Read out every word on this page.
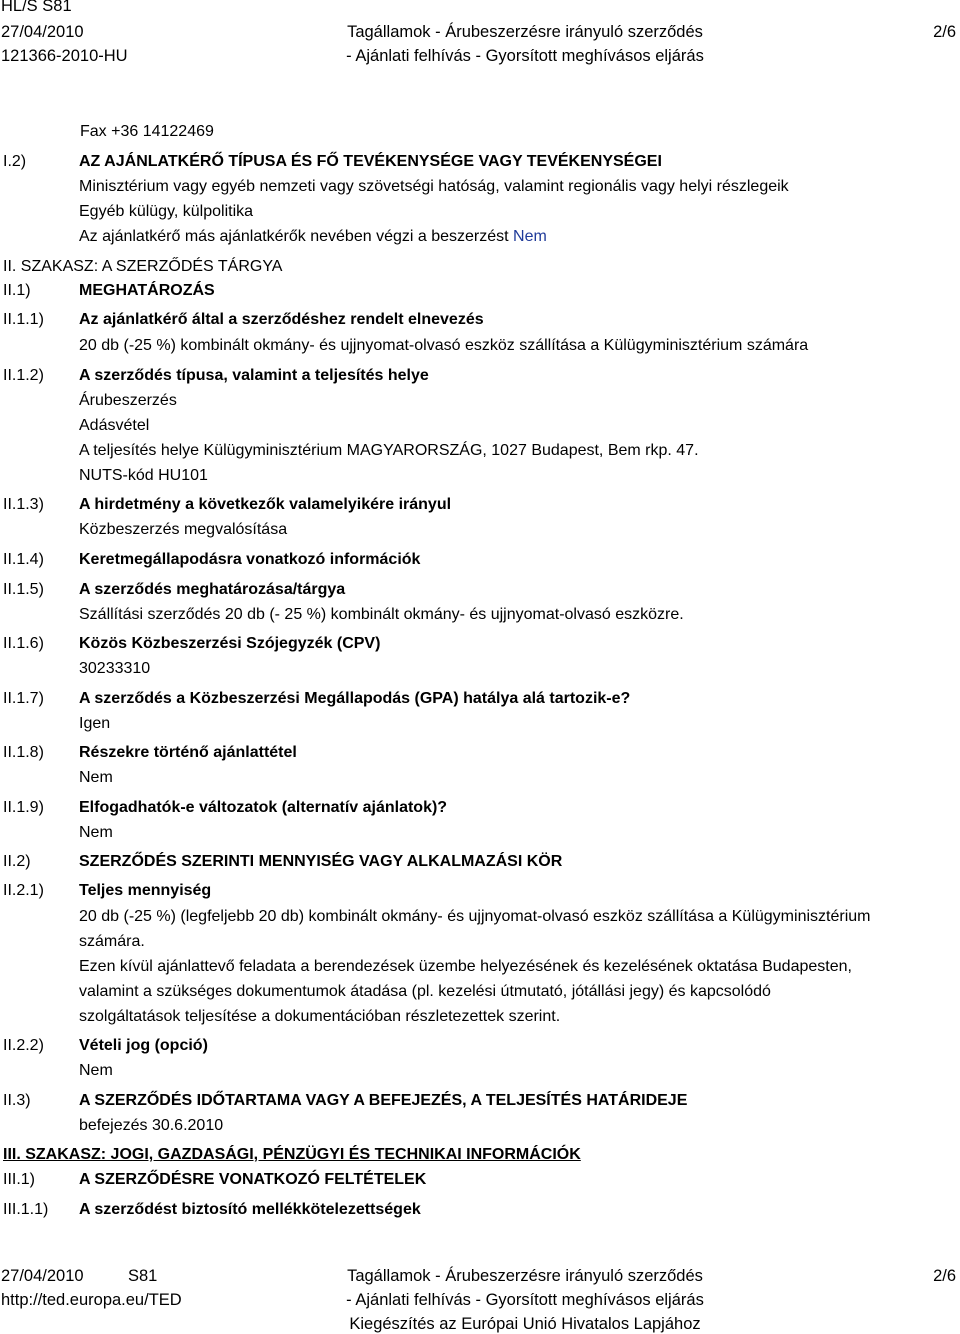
HL/S S81
27/04/2010
121366-2010-HU
Tagállamok - Árubeszerzésre irányuló szerződés
- Ajánlati felhívás - Gyorsított meghívásos eljárás
2/6
Fax +36 14122469
I.2)	AZ AJÁNLATKÉRŐ TÍPUSA ÉS FŐ TEVÉKENYSÉGE VAGY TEVÉKENYSÉGEI
Minisztérium vagy egyéb nemzeti vagy szövetségi hatóság, valamint regionális vagy helyi részlegeik
Egyéb külügy, külpolitika
Az ajánlatkérő más ajánlatkérők nevében végzi a beszerzést Nem
II. SZAKASZ: A SZERZŐDÉS TÁRGYA
II.1)	MEGHATÁROZÁS
II.1.1) Az ajánlatkérő által a szerződéshez rendelt elnevezés
20 db (-25 %) kombinált okmány- és ujjnyomat-olvasó eszköz szállítása a Külügyminisztérium számára
II.1.2) A szerződés típusa, valamint a teljesítés helye
Árubeszerzés
Adásvétel
A teljesítés helye Külügyminisztérium MAGYARORSZÁG, 1027 Budapest, Bem rkp. 47.
NUTS-kód HU101
II.1.3) A hirdetmény a következők valamelyikére irányul
Közbeszerzés megvalósítása
II.1.4) Keretmegállapodásra vonatkozó információk
II.1.5) A szerződés meghatározása/tárgya
Szállítási szerződés 20 db (- 25 %) kombinált okmány- és ujjnyomat-olvasó eszközre.
II.1.6) Közös Közbeszerzési Szójegyzék (CPV)
30233310
II.1.7) A szerződés a Közbeszerzési Megállapodás (GPA) hatálya alá tartozik-e?
Igen
II.1.8) Részekre történő ajánlattétel
Nem
II.1.9) Elfogadhatók-e változatok (alternatív ajánlatok)?
Nem
II.2)	SZERZŐDÉS SZERINTI MENNYISÉG VAGY ALKALMAZÁSI KÖR
II.2.1) Teljes mennyiség
20 db (-25 %) (legfeljebb 20 db) kombinált okmány- és ujjnyomat-olvasó eszköz szállítása a Külügyminisztérium
számára.
Ezen kívül ajánlattevő feladata a berendezések üzembe helyezésének és kezelésének oktatása Budapesten,
valamint a szükséges dokumentumok átadása (pl. kezelési útmutató, jótállási jegy) és kapcsolódó
szolgáltatások teljesítése a dokumentációban részletezettek szerint.
II.2.2) Vételi jog (opció)
Nem
II.3)	A SZERZŐDÉS IDŐTARTAMA VAGY A BEFEJEZÉS, A TELJESÍTÉS HATÁRIDEJE
befejezés 30.6.2010
III. SZAKASZ: JOGI, GAZDASÁGI, PÉNZÜGYI ÉS TECHNIKAI INFORMÁCIÓK
III.1)	A SZERZŐDÉSRE VONATKOZÓ FELTÉTELEK
III.1.1) A szerződést biztosító mellékkötelezettségek
27/04/2010	S81
http://ted.europa.eu/TED
Tagállamok - Árubeszerzésre irányuló szerződés
- Ajánlati felhívás - Gyorsított meghívásos eljárás
Kiegészítés az Európai Unió Hivatalos Lapjához
2/6
